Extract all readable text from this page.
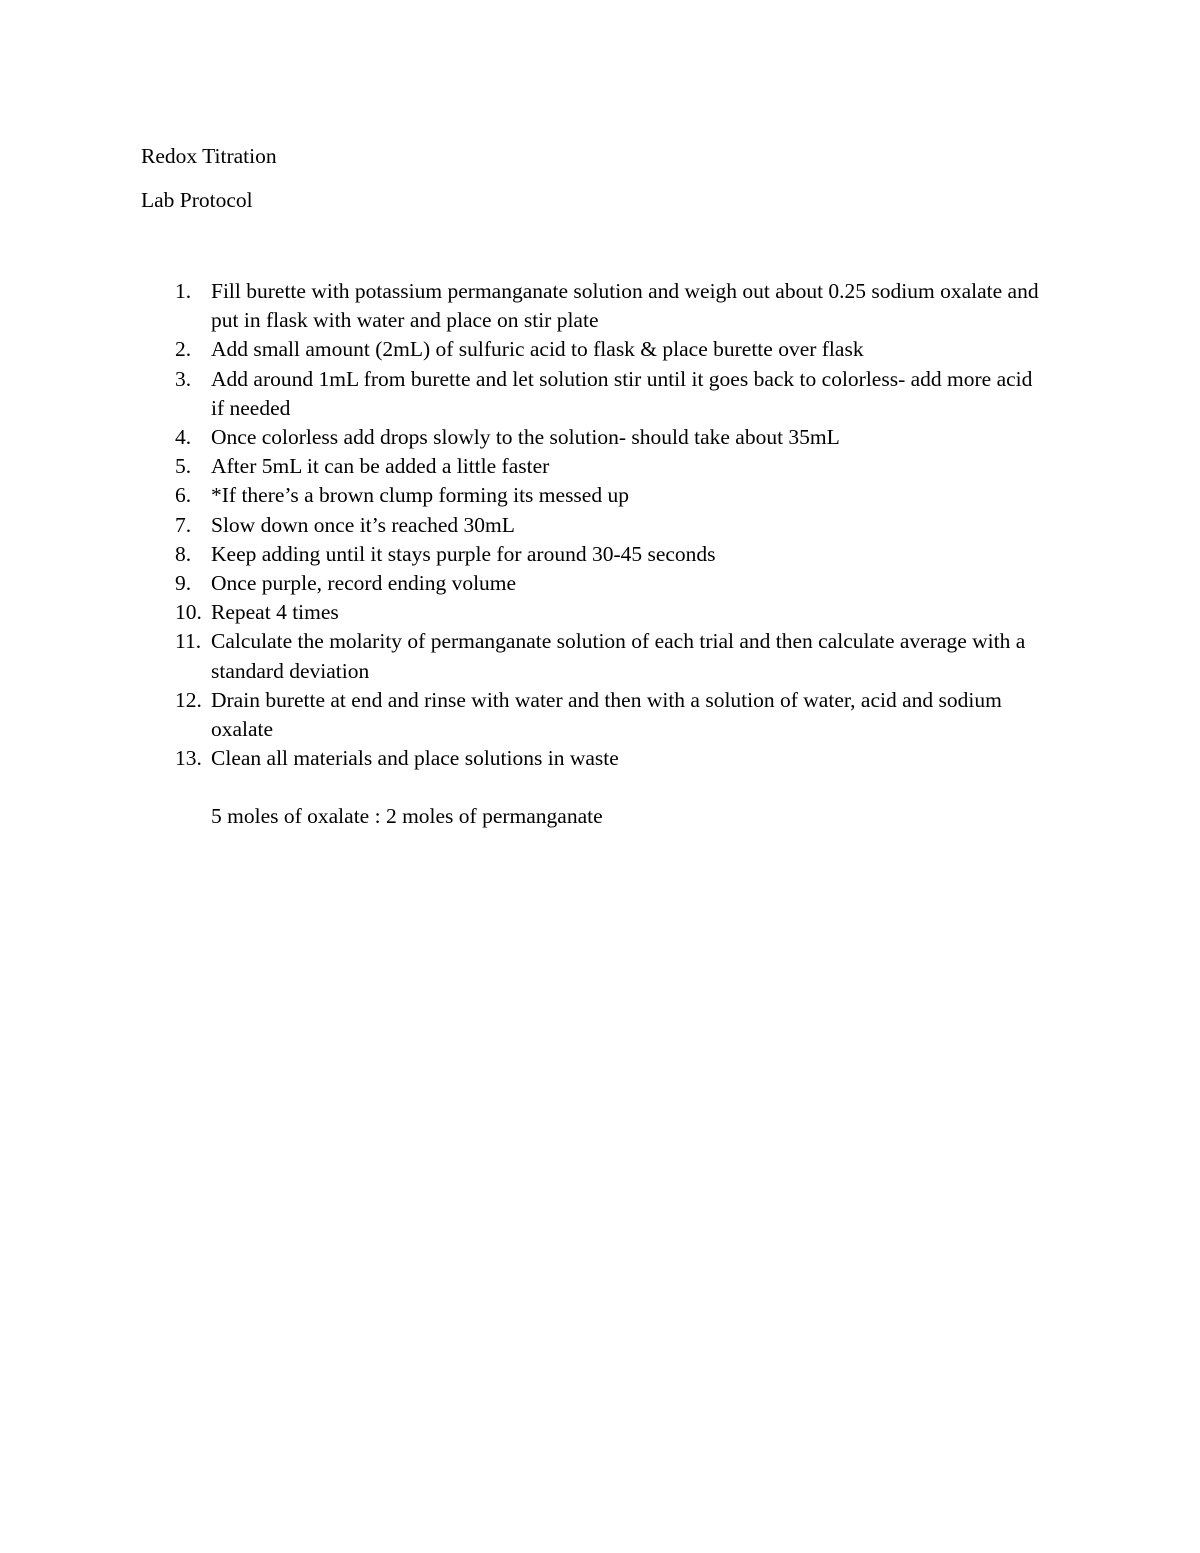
Redox Titration
Lab Protocol
1. Fill burette with potassium permanganate solution and weigh out about 0.25 sodium oxalate and put in flask with water and place on stir plate
2. Add small amount (2mL) of sulfuric acid to flask & place burette over flask
3. Add around 1mL from burette and let solution stir until it goes back to colorless- add more acid if needed
4. Once colorless add drops slowly to the solution- should take about 35mL
5. After 5mL it can be added a little faster
6. *If there’s a brown clump forming its messed up
7. Slow down once it’s reached 30mL
8. Keep adding until it stays purple for around 30-45 seconds
9. Once purple, record ending volume
10. Repeat 4 times
11. Calculate the molarity of permanganate solution of each trial and then calculate average with a standard deviation
12. Drain burette at end and rinse with water and then with a solution of water, acid and sodium oxalate
13. Clean all materials and place solutions in waste
5 moles of oxalate : 2 moles of permanganate
